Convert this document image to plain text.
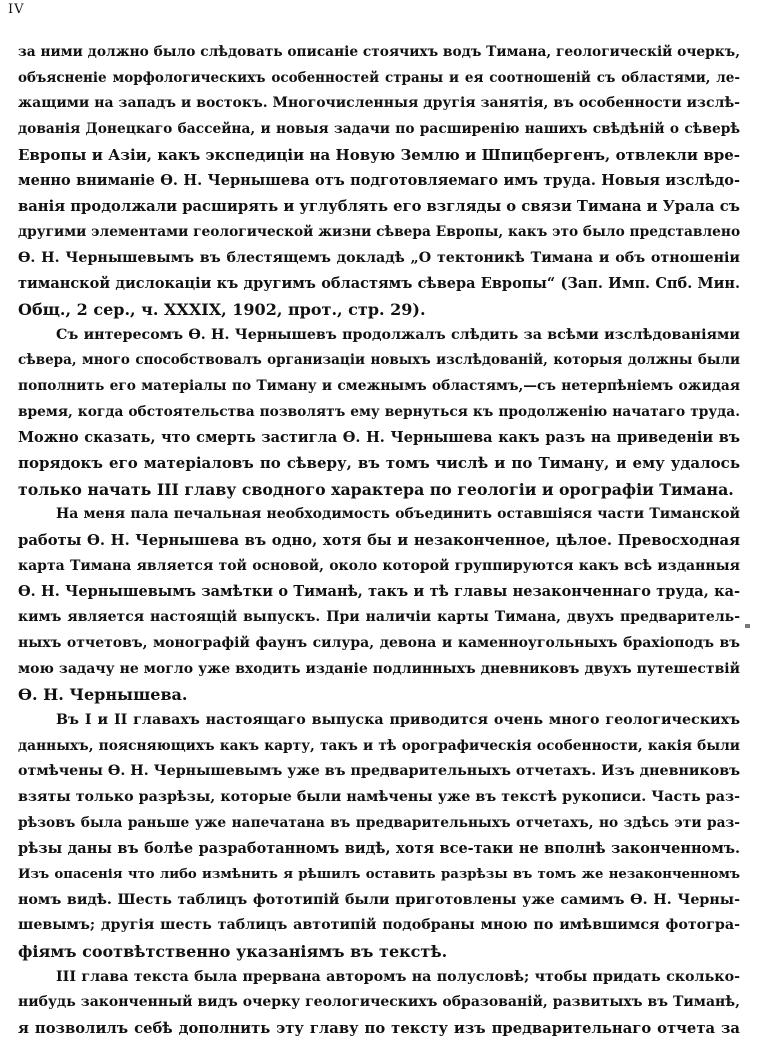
IV
за ними должно было слѣдовать описаніе стоячихъ водъ Тимана, геологическій очеркъ,
объясненіе морфологическихъ особенностей страны и ея соотношеній съ областями, ле-
жащими на западъ и востокъ. Многочисленныя другія занятія, въ особенности изслѣ-
дованія Донецкаго бассейна, и новыя задачи по расширенію нашихъ свѣдѣній о сѣверѣ
Европы и Азіи, какъ экспедиціи на Новую Землю и Шпицбергенъ, отвлекли вре-
менно вниманіе Ѳ. Н. Чернышева отъ подготовляемаго имъ труда. Новыя изслѣдо-
ванія продолжали расширять и углублять его взгляды о связи Тимана и Урала съ
другими элементами геологической жизни сѣвера Европы, какъ это было представлено
Ѳ. Н. Чернышевымъ въ блестящемъ докладѣ „О тектоникѣ Тимана и объ отношеніи
тиманской дислокаціи къ другимъ областямъ сѣвера Европы“ (Зап. Имп. Спб. Мин.
Общ., 2 сер., ч. XXXIX, 1902, прот., стр. 29).
Съ интересомъ Ѳ. Н. Чернышевъ продолжалъ слѣдить за всѣми изслѣдованіями
сѣвера, много способствовалъ организаціи новыхъ изслѣдованій, которыя должны были
пополнить его матеріалы по Тиману и смежнымъ областямъ,—съ нетерпѣніемъ ожидая
время, когда обстоятельства позволятъ ему вернуться къ продолженію начатаго труда.
Можно сказать, что смерть застигла Ѳ. Н. Чернышева какъ разъ на приведеніи въ
порядокъ его матеріаловъ по сѣверу, въ томъ числѣ и по Тиману, и ему удалось
только начать III главу сводного характера по геологіи и орографіи Тимана.
На меня пала печальная необходимость объединить оставшіяся части Тиманской
работы Ѳ. Н. Чернышева въ одно, хотя бы и незаконченное, цѣлое. Превосходная
карта Тимана является той основой, около которой группируются какъ всѣ изданныя
Ѳ. Н. Чернышевымъ замѣтки о Тиманѣ, такъ и тѣ главы незаконченнаго труда, ка-
кимъ является настоящій выпускъ. При наличіи карты Тимана, двухъ предваритель-
ныхъ отчетовъ, монографій фаунъ силура, девона и каменноугольныхъ брахіоподъ въ
мою задачу не могло уже входить изданіе подлинныхъ дневниковъ двухъ путешествій
Ѳ. Н. Чернышева.
Въ I и II главахъ настоящаго выпуска приводится очень много геологическихъ
данныхъ, поясняющихъ какъ карту, такъ и тѣ орографическія особенности, какія были
отмѣчены Ѳ. Н. Чернышевымъ уже въ предварительныхъ отчетахъ. Изъ дневниковъ
взяты только разрѣзы, которые были намѣчены уже въ текстѣ рукописи. Часть раз-
рѣзовъ была раньше уже напечатана въ предварительныхъ отчетахъ, но здѣсь эти раз-
рѣзы даны въ болѣе разработанномъ видѣ, хотя все-таки не вполнѣ законченномъ.
Изъ опасенія что либо измѣнить я рѣшилъ оставить разрѣзы въ томъ же незаконченномъ
номъ видѣ. Шесть таблицъ фототипій были приготовлены уже самимъ Ѳ. Н. Черны-
шевымъ; другія шесть таблицъ автотипій подобраны мною по имѣвшимся фотогра-
фіямъ соотвѣтственно указаніямъ въ текстѣ.
III глава текста была прервана авторомъ на полусловѣ; чтобы придать сколько-
нибудь законченный видъ очерку геологическихъ образованій, развитыхъ въ Тиманѣ,
я позволилъ себѣ дополнить эту главу по тексту изъ предварительнаго отчета за
